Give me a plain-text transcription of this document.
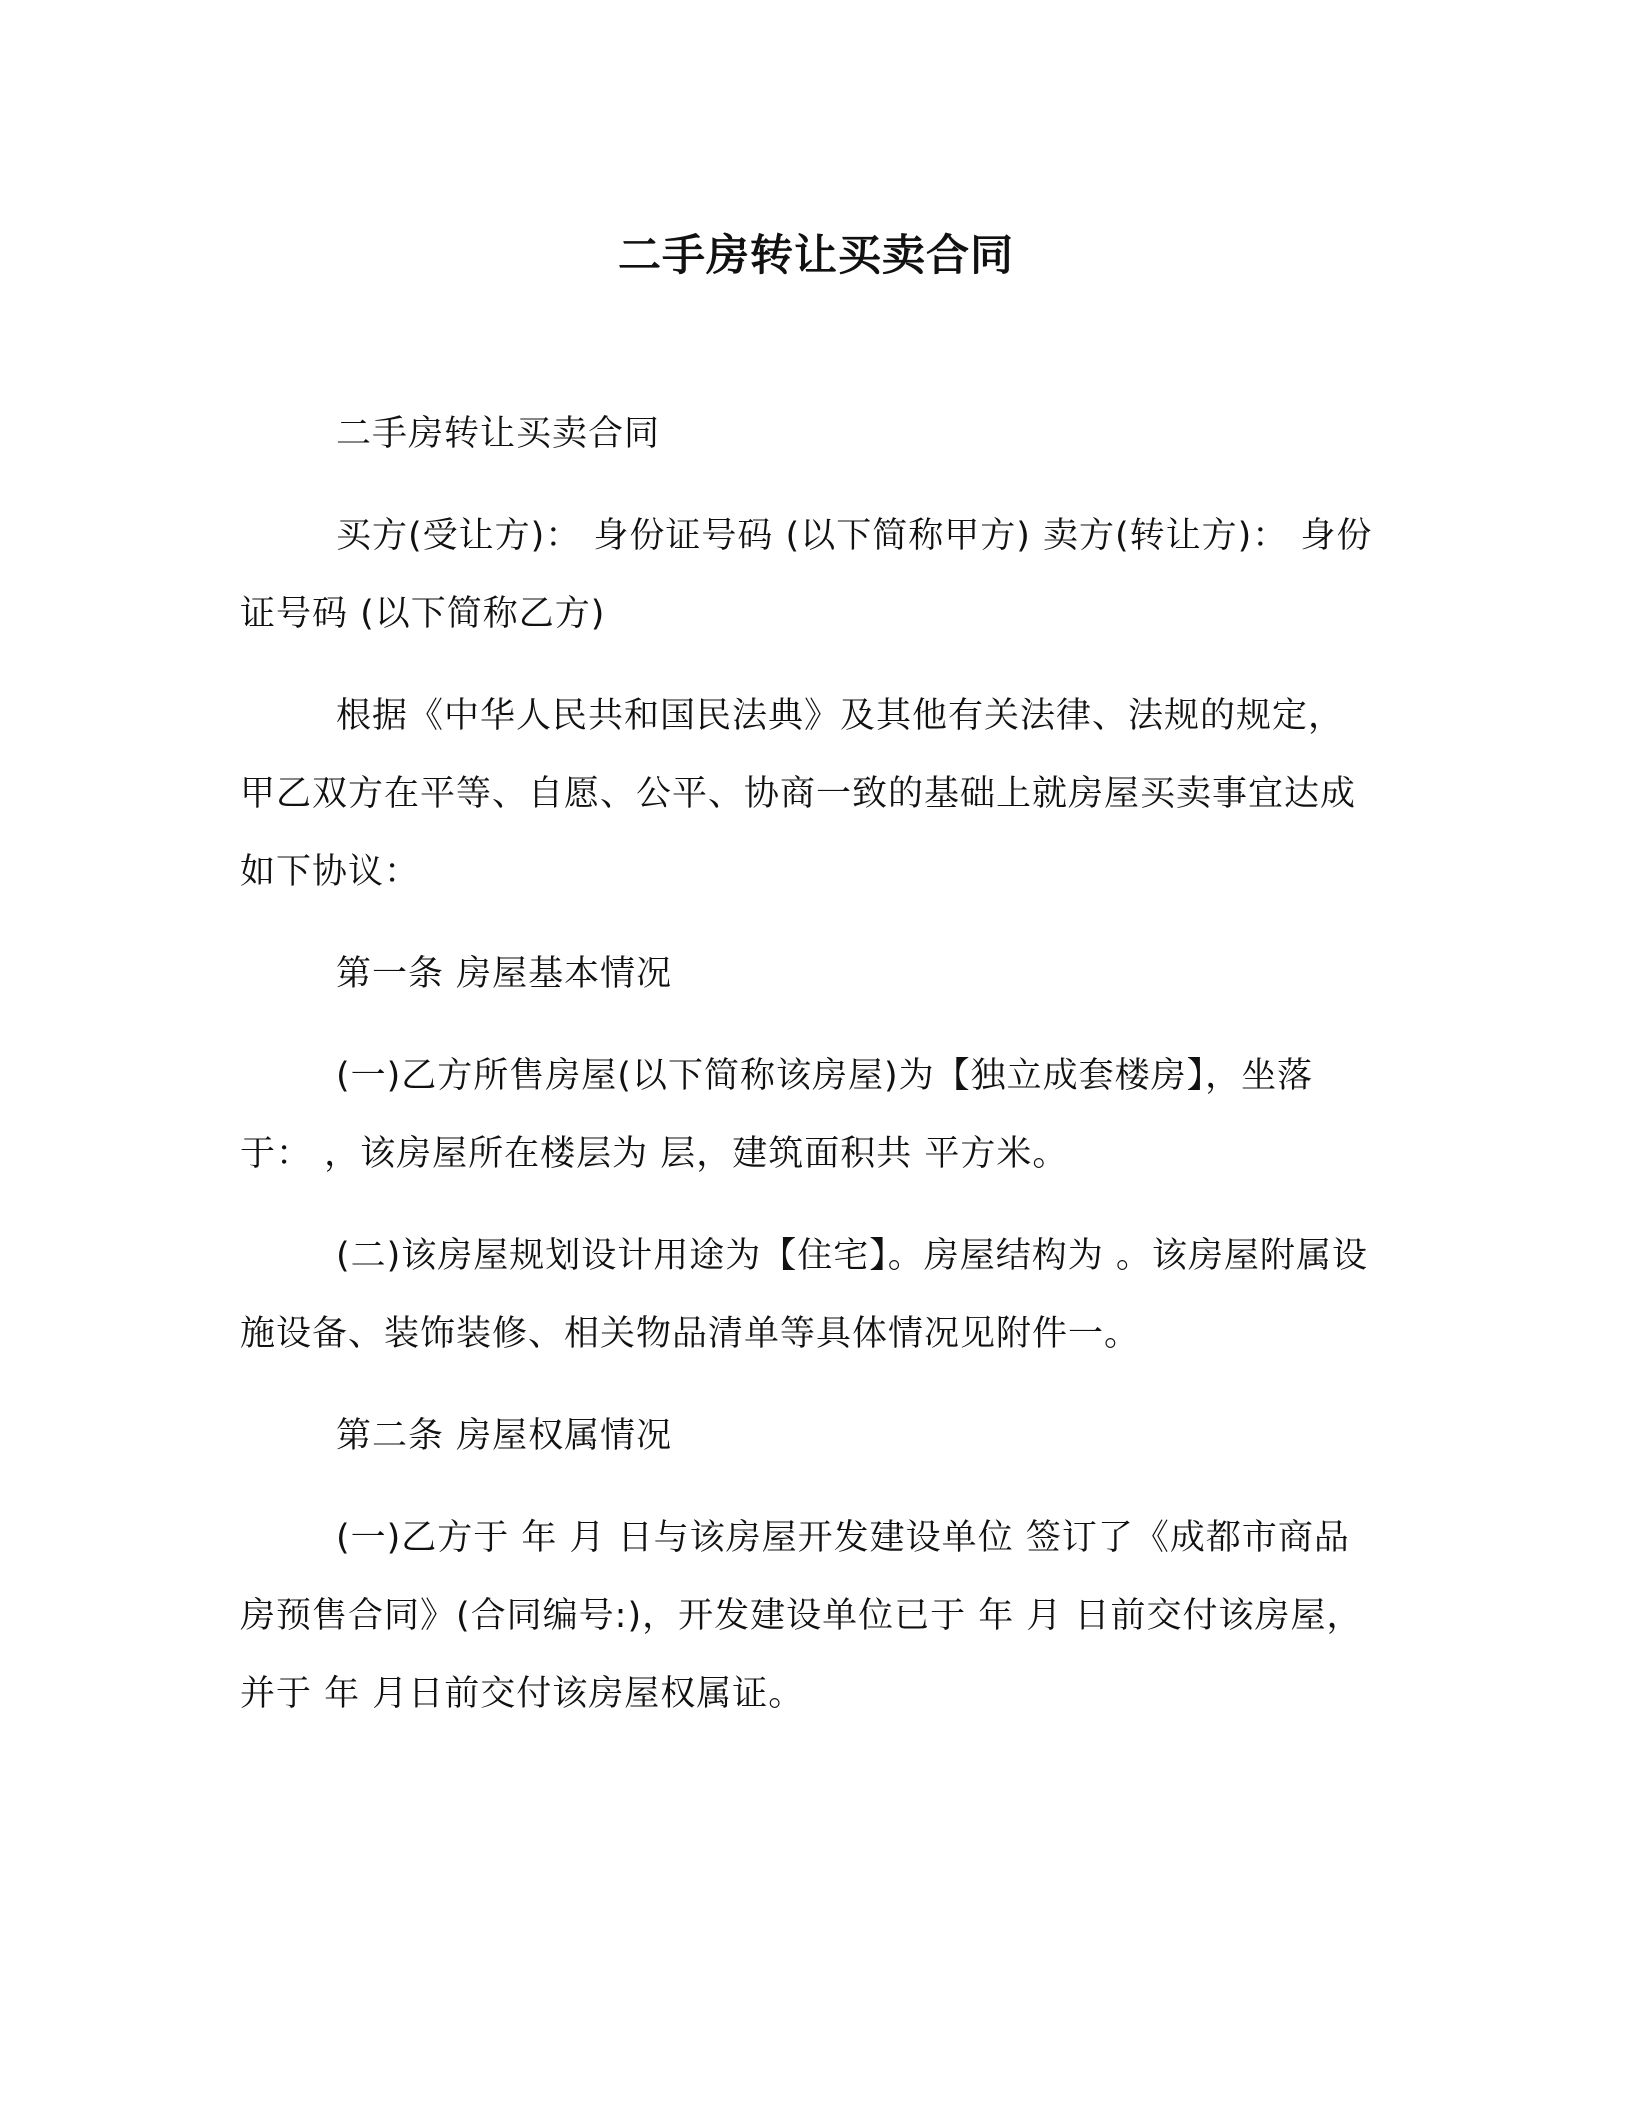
二手房转让买卖合同

二手房转让买卖合同

买方(受让方)： 身份证号码 (以下简称甲方) 卖方(转让方)： 身份证号码 (以下简称乙方)

根据《中华人民共和国民法典》及其他有关法律、法规的规定，甲乙双方在平等、自愿、公平、协商一致的基础上就房屋买卖事宜达成如下协议：

第一条 房屋基本情况

(一)乙方所售房屋(以下简称该房屋)为【独立成套楼房】，坐落于： ，该房屋所在楼层为 层，建筑面积共 平方米。

(二)该房屋规划设计用途为【住宅】。房屋结构为 。该房屋附属设施设备、装饰装修、相关物品清单等具体情况见附件一。

第二条 房屋权属情况

(一)乙方于 年 月 日与该房屋开发建设单位 签订了《成都市商品房预售合同》(合同编号:)，开发建设单位已于 年 月 日前交付该房屋，并于 年 月日前交付该房屋权属证。
